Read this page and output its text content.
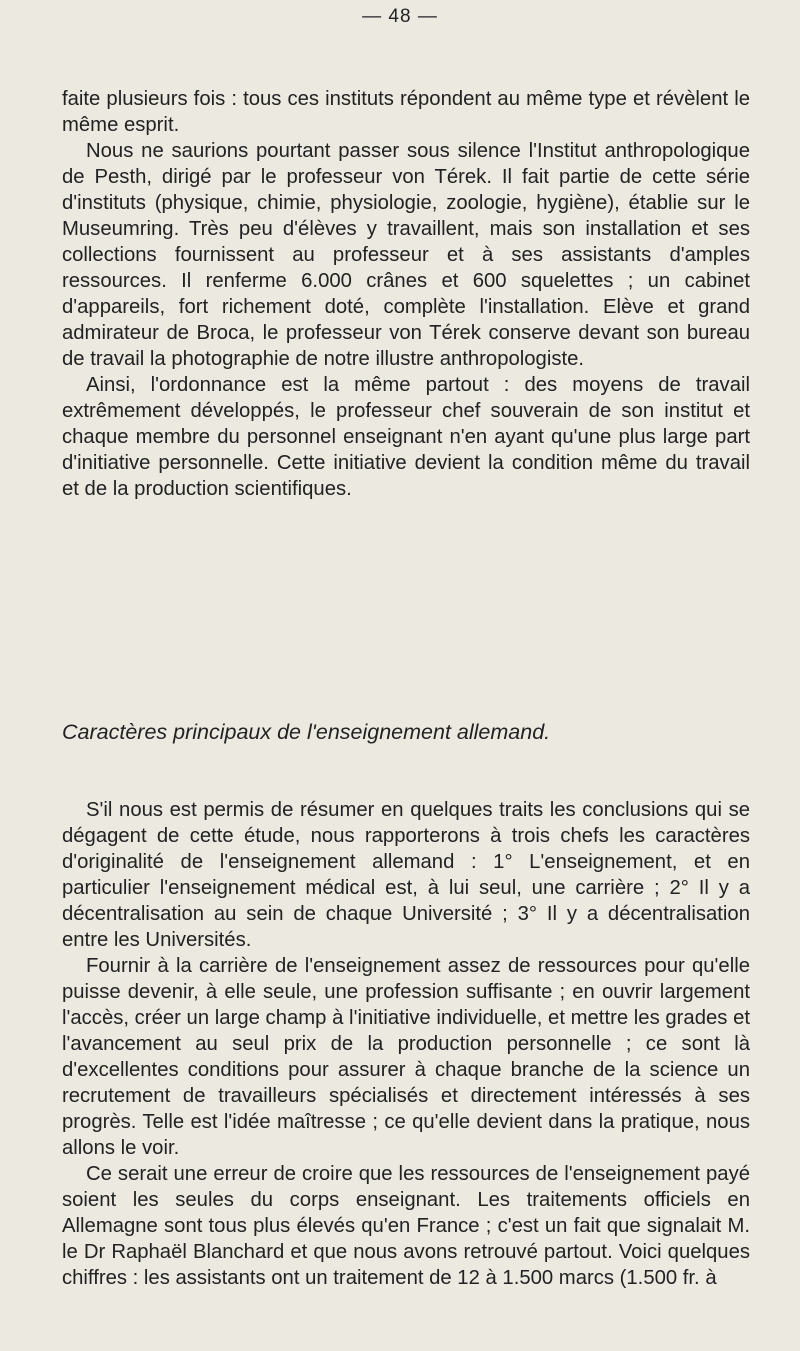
— 48 —

faite plusieurs fois : tous ces instituts répondent au même type et révèlent le même esprit.

Nous ne saurions pourtant passer sous silence l'Institut anthropologique de Pesth, dirigé par le professeur von Térek. Il fait partie de cette série d'instituts (physique, chimie, physiologie, zoologie, hygiène), établie sur le Museumring. Très peu d'élèves y travaillent, mais son installation et ses collections fournissent au professeur et à ses assistants d'amples ressources. Il renferme 6.000 crânes et 600 squelettes ; un cabinet d'appareils, fort richement doté, complète l'installation. Elève et grand admirateur de Broca, le professeur von Térek conserve devant son bureau de travail la photographie de notre illustre anthropologiste.

Ainsi, l'ordonnance est la même partout : des moyens de travail extrêmement développés, le professeur chef souverain de son institut et chaque membre du personnel enseignant n'en ayant qu'une plus large part d'initiative personnelle. Cette initiative devient la condition même du travail et de la production scientifiques.

Caractères principaux de l'enseignement allemand.

S'il nous est permis de résumer en quelques traits les conclusions qui se dégagent de cette étude, nous rapporterons à trois chefs les caractères d'originalité de l'enseignement allemand : 1° L'enseignement, et en particulier l'enseignement médical est, à lui seul, une carrière ; 2° Il y a décentralisation au sein de chaque Université ; 3° Il y a décentralisation entre les Universités.

Fournir à la carrière de l'enseignement assez de ressources pour qu'elle puisse devenir, à elle seule, une profession suffisante ; en ouvrir largement l'accès, créer un large champ à l'initiative individuelle, et mettre les grades et l'avancement au seul prix de la production personnelle ; ce sont là d'excellentes conditions pour assurer à chaque branche de la science un recrutement de travailleurs spécialisés et directement intéressés à ses progrès. Telle est l'idée maîtresse ; ce qu'elle devient dans la pratique, nous allons le voir.

Ce serait une erreur de croire que les ressources de l'enseignement payé soient les seules du corps enseignant. Les traitements officiels en Allemagne sont tous plus élevés qu'en France ; c'est un fait que signalait M. le Dr Raphaël Blanchard et que nous avons retrouvé partout. Voici quelques chiffres : les assistants ont un traitement de 12 à 1.500 marcs (1.500 fr. à
